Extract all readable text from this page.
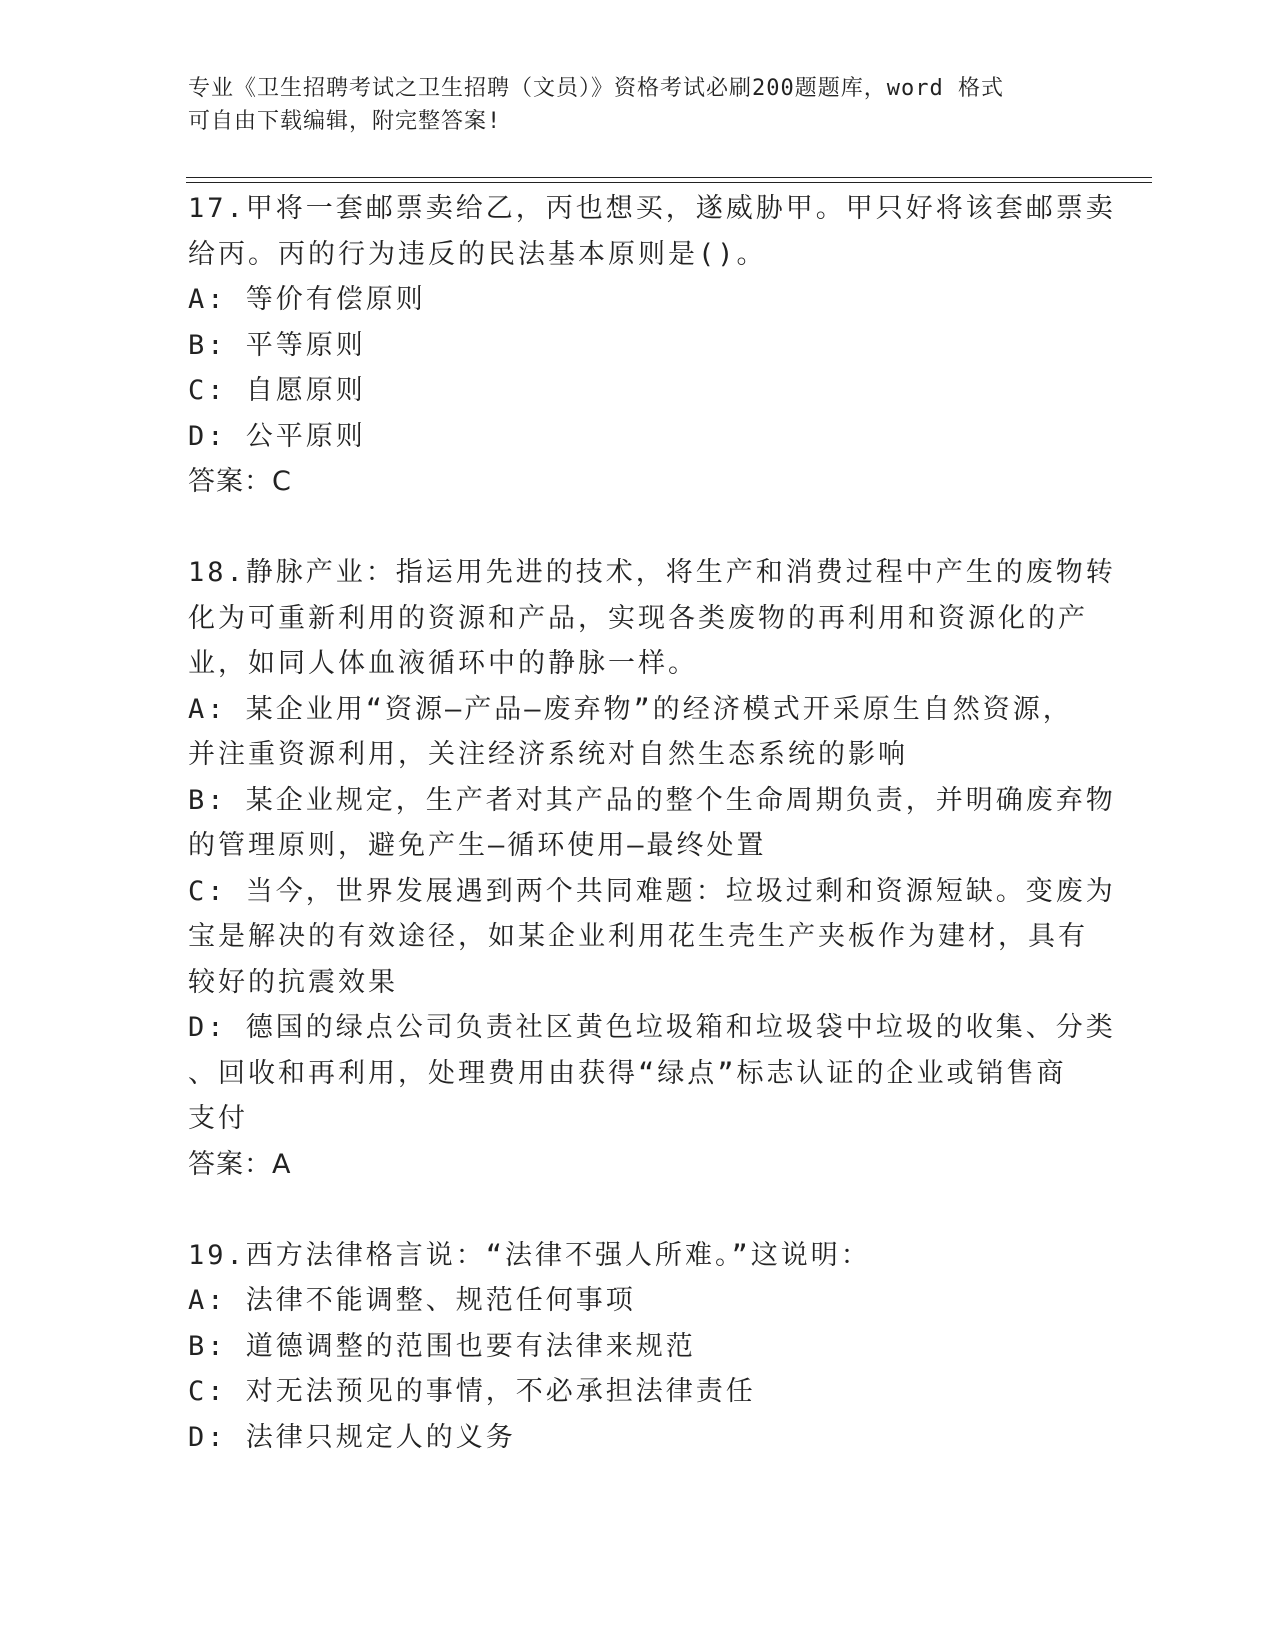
专业《卫生招聘考试之卫生招聘（文员）》资格考试必刷200题题库，word 格式
可自由下载编辑，附完整答案!
17.甲将一套邮票卖给乙，丙也想买，遂威胁甲。甲只好将该套邮票卖
给丙。丙的行为违反的民法基本原则是()。
A: 等价有偿原则
B: 平等原则
C: 自愿原则
D: 公平原则
答案：C
18.静脉产业：指运用先进的技术，将生产和消费过程中产生的废物转
化为可重新利用的资源和产品，实现各类废物的再利用和资源化的产
业，如同人体血液循环中的静脉一样。
A: 某企业用“资源—产品—废弃物”的经济模式开采原生自然资源，
并注重资源利用，关注经济系统对自然生态系统的影响
B: 某企业规定，生产者对其产品的整个生命周期负责，并明确废弃物
的管理原则，避免产生—循环使用—最终处置
C: 当今，世界发展遇到两个共同难题：垃圾过剩和资源短缺。变废为
宝是解决的有效途径，如某企业利用花生壳生产夹板作为建材，具有
较好的抗震效果
D: 德国的绿点公司负责社区黄色垃圾箱和垃圾袋中垃圾的收集、分类
、回收和再利用，处理费用由获得“绿点”标志认证的企业或销售商
支付
答案：A
19.西方法律格言说：“法律不强人所难。”这说明：
A: 法律不能调整、规范任何事项
B: 道德调整的范围也要有法律来规范
C: 对无法预见的事情，不必承担法律责任
D: 法律只规定人的义务
